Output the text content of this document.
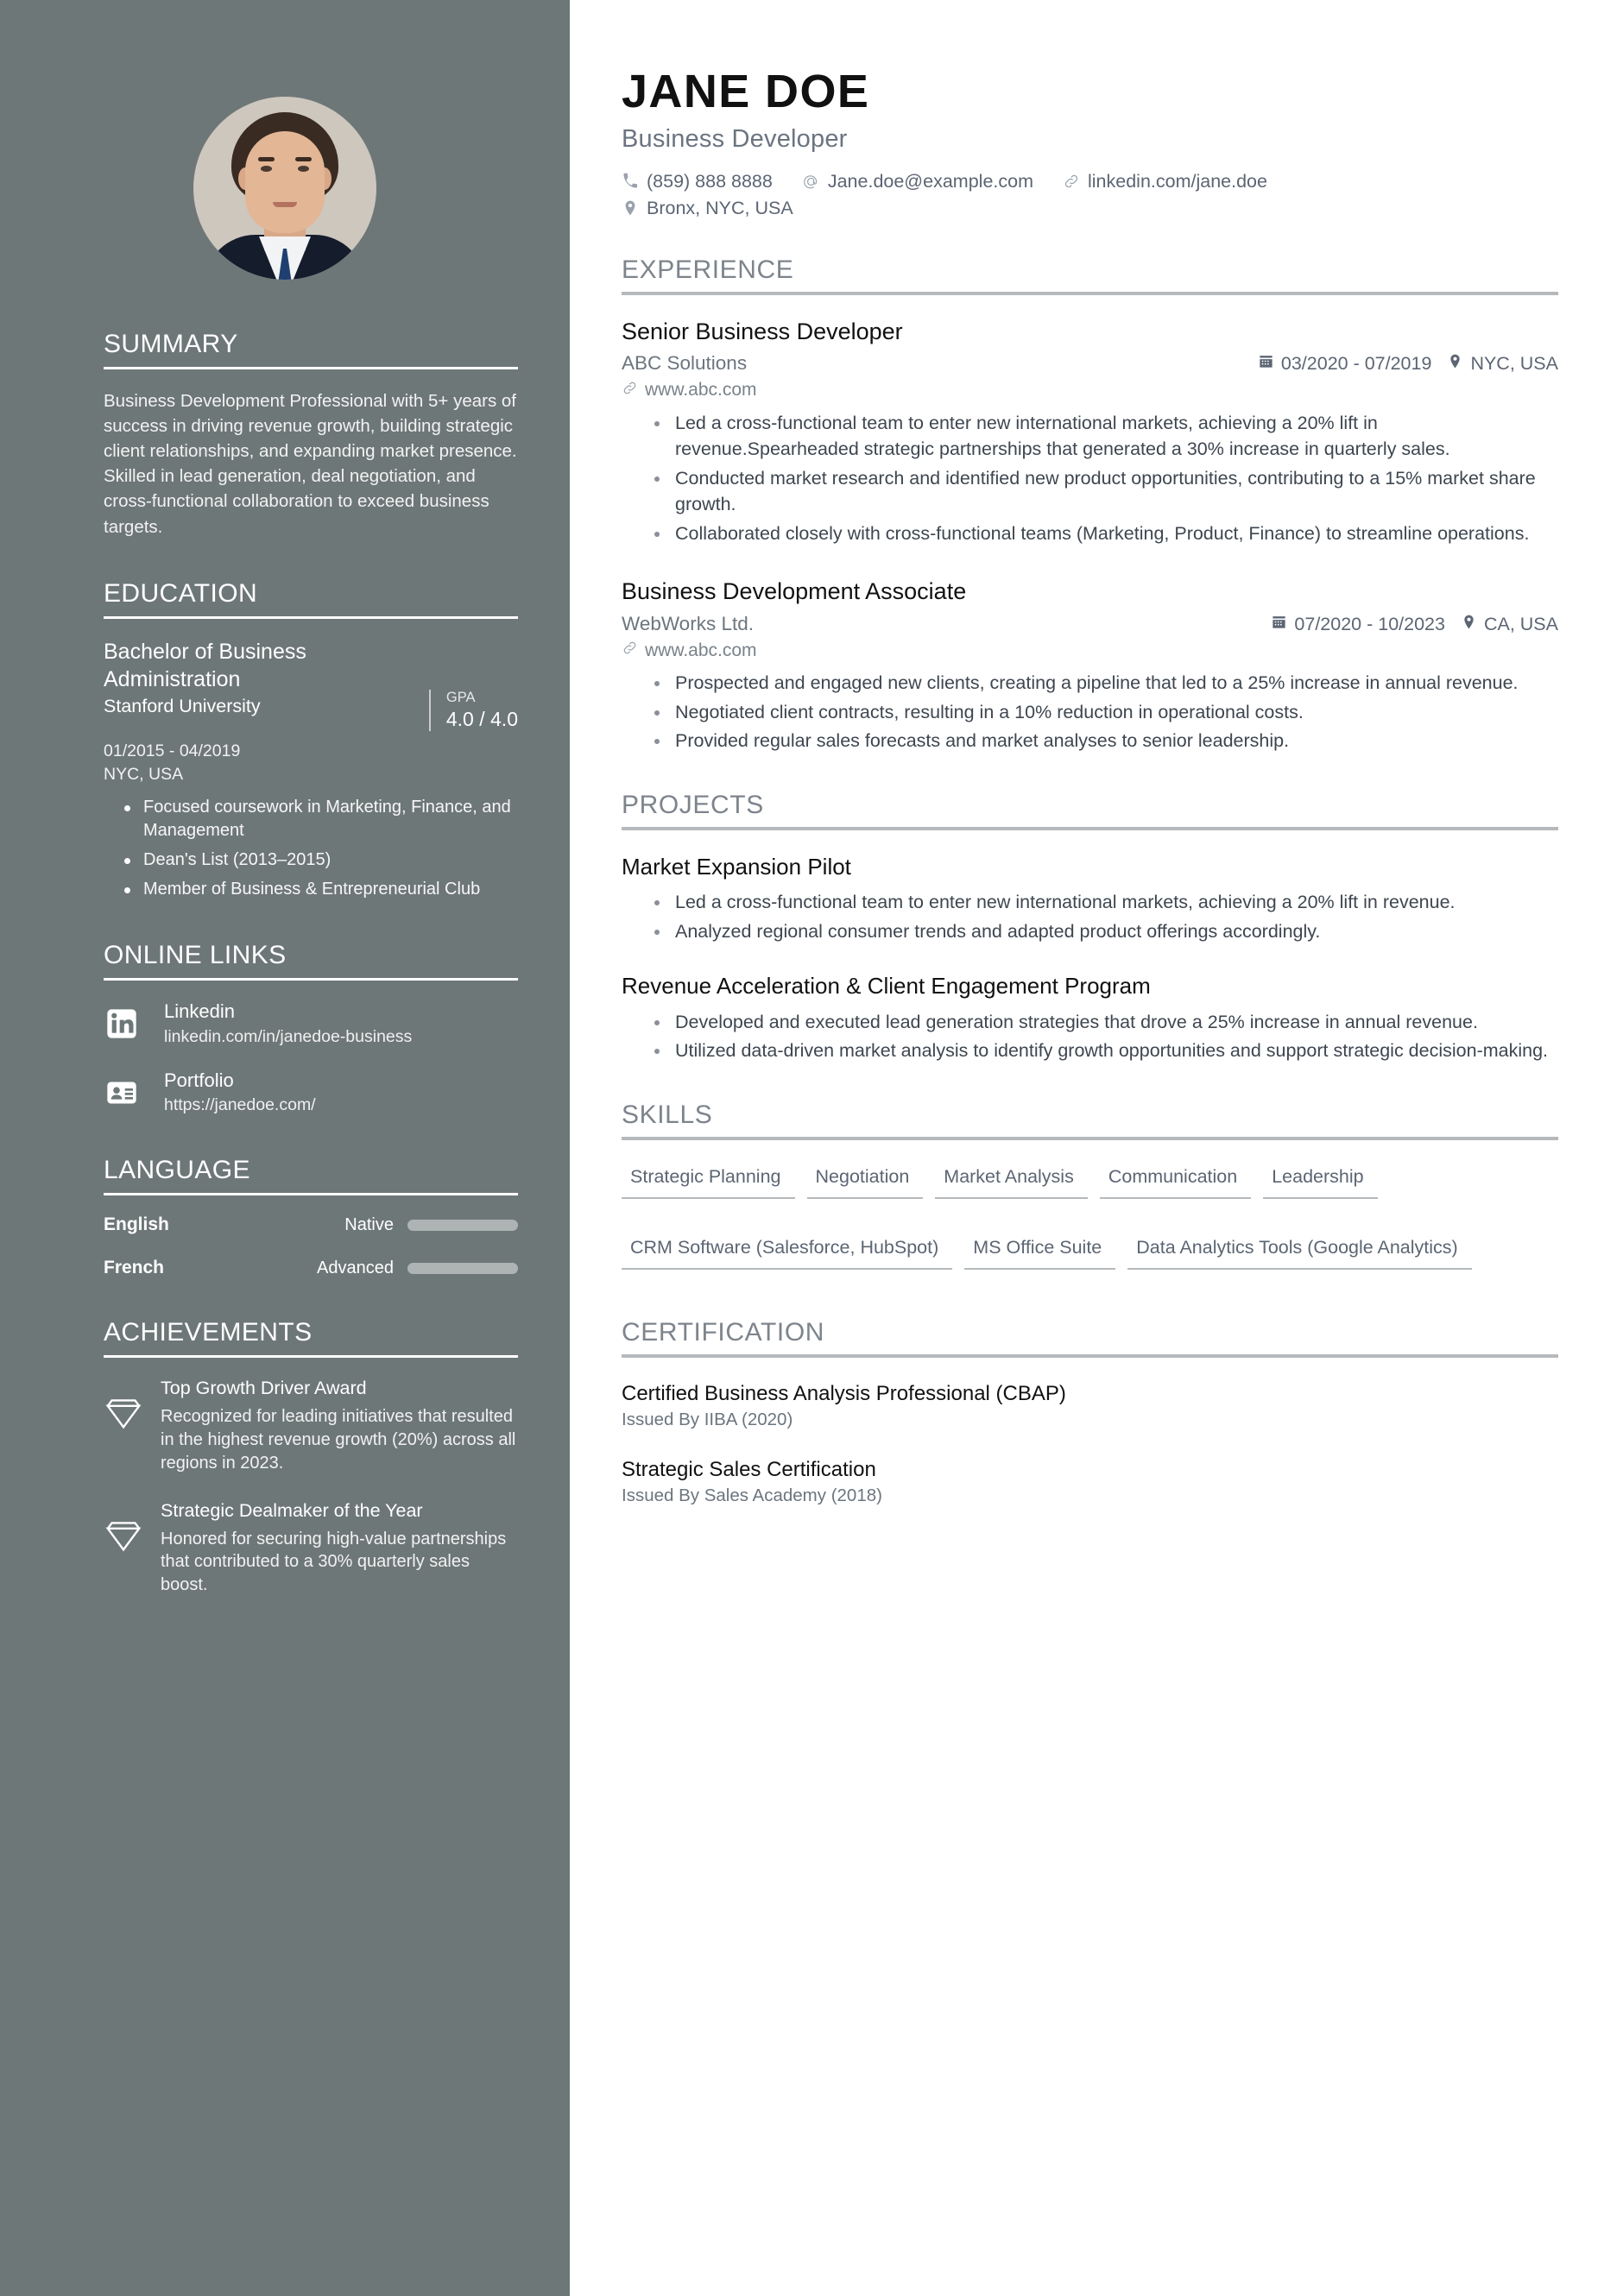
SUMMARY
Business Development Professional with 5+ years of success in driving revenue growth, building strategic client relationships, and expanding market presence. Skilled in lead generation, deal negotiation, and cross-functional collaboration to exceed business targets.
EDUCATION
Bachelor of Business Administration
Stanford University	GPA
4.0 / 4.0
01/2015 - 04/2019
NYC, USA
Focused coursework in Marketing, Finance, and Management
Dean's List (2013–2015)
Member of Business & Entrepreneurial Club
ONLINE LINKS
Linkedin
linkedin.com/in/janedoe-business
Portfolio
https://janedoe.com/
LANGUAGE
English	Native
French	Advanced
ACHIEVEMENTS
Top Growth Driver Award
Recognized for leading initiatives that resulted in the highest revenue growth (20%) across all regions in 2023.
Strategic Dealmaker of the Year
Honored for securing high-value partnerships that contributed to a 30% quarterly sales boost.
JANE DOE
Business Developer
(859) 888 8888	Jane.doe@example.com	linkedin.com/jane.doe
Bronx, NYC, USA
EXPERIENCE
Senior Business Developer
ABC Solutions
www.abc.com
03/2020 - 07/2019 NYC, USA
Led a cross-functional team to enter new international markets, achieving a 20% lift in revenue.Spearheaded strategic partnerships that generated a 30% increase in quarterly sales.
Conducted market research and identified new product opportunities, contributing to a 15% market share growth.
Collaborated closely with cross-functional teams (Marketing, Product, Finance) to streamline operations.
Business Development Associate
WebWorks Ltd.
www.abc.com
07/2020 - 10/2023 CA, USA
Prospected and engaged new clients, creating a pipeline that led to a 25% increase in annual revenue.
Negotiated client contracts, resulting in a 10% reduction in operational costs.
Provided regular sales forecasts and market analyses to senior leadership.
PROJECTS
Market Expansion Pilot
Led a cross-functional team to enter new international markets, achieving a 20% lift in revenue.
Analyzed regional consumer trends and adapted product offerings accordingly.
Revenue Acceleration & Client Engagement Program
Developed and executed lead generation strategies that drove a 25% increase in annual revenue.
Utilized data-driven market analysis to identify growth opportunities and support strategic decision-making.
SKILLS
Strategic Planning	Negotiation	Market Analysis	Communication	Leadership
CRM Software (Salesforce, HubSpot)	MS Office Suite	Data Analytics Tools (Google Analytics)
CERTIFICATION
Certified Business Analysis Professional (CBAP)
Issued By IIBA (2020)
Strategic Sales Certification
Issued By Sales Academy (2018)
